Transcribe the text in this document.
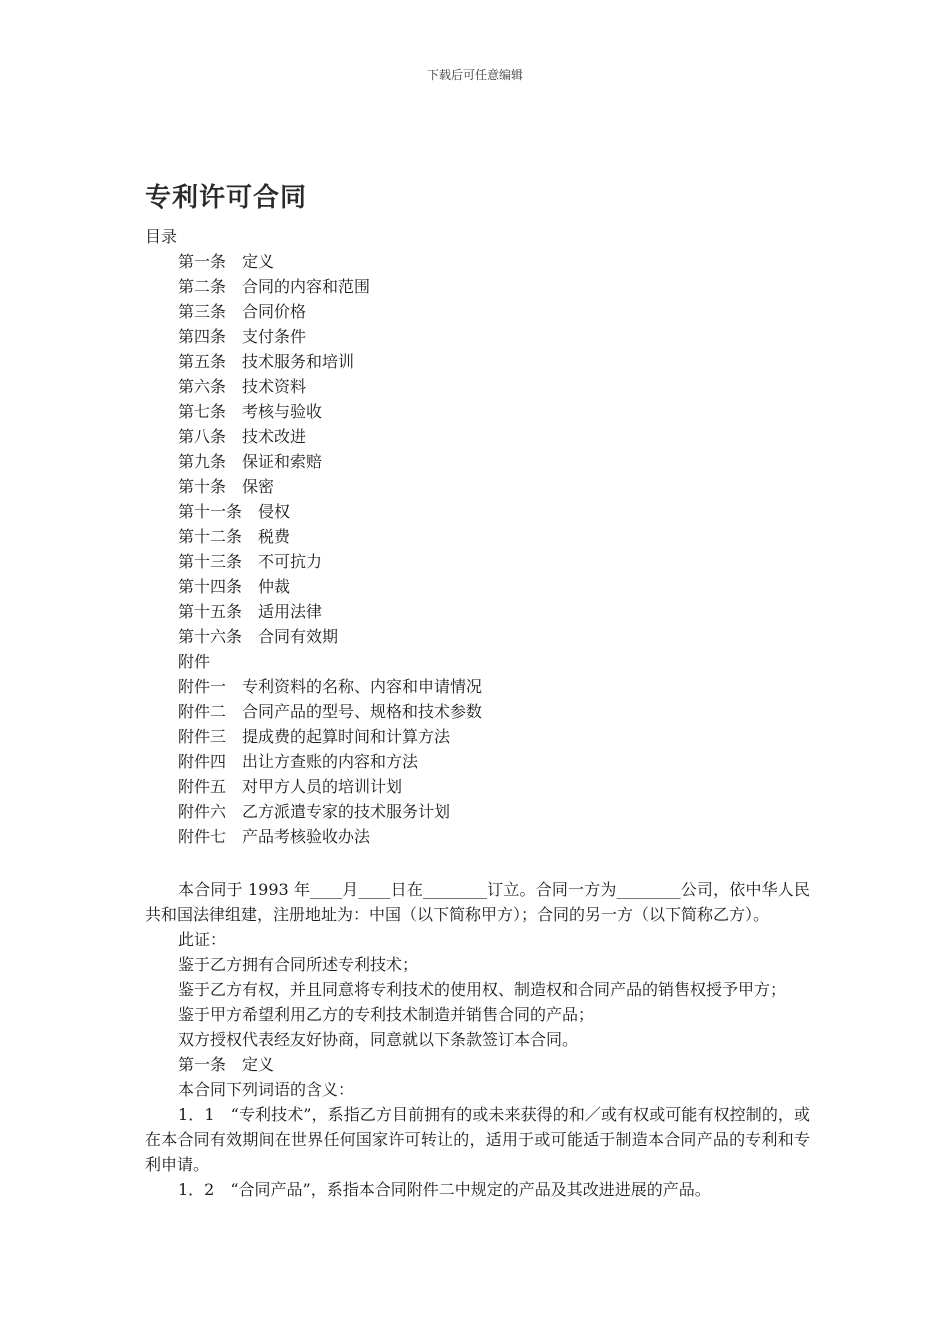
下载后可任意编辑
专利许可合同
目录
第一条 定义
第二条 合同的内容和范围
第三条 合同价格
第四条 支付条件
第五条 技术服务和培训
第六条 技术资料
第七条 考核与验收
第八条 技术改进
第九条 保证和索赔
第十条 保密
第十一条 侵权
第十二条 税费
第十三条 不可抗力
第十四条 仲裁
第十五条 适用法律
第十六条 合同有效期
附件
附件一 专利资料的名称、内容和申请情况
附件二 合同产品的型号、规格和技术参数
附件三 提成费的起算时间和计算方法
附件四 出让方查账的内容和方法
附件五 对甲方人员的培训计划
附件六 乙方派遣专家的技术服务计划
附件七 产品考核验收办法

本合同于 1993 年____月____日在________订立。合同一方为________公司，依中华人民共和国法律组建，注册地址为：中国（以下简称甲方）；合同的另一方（以下简称乙方）。

此证：

鉴于乙方拥有合同所述专利技术；

鉴于乙方有权，并且同意将专利技术的使用权、制造权和合同产品的销售权授予甲方；

鉴于甲方希望利用乙方的专利技术制造并销售合同的产品；

双方授权代表经友好协商，同意就以下条款签订本合同。

第一条 定义

本合同下列词语的含义：

1．1　“专利技术”，系指乙方目前拥有的或未来获得的和／或有权或可能有权控制的，或在本合同有效期间在世界任何国家许可转让的，适用于或可能适于制造本合同产品的专利和专利申请。

1．2　“合同产品”，系指本合同附件二中规定的产品及其改进进展的产品。
